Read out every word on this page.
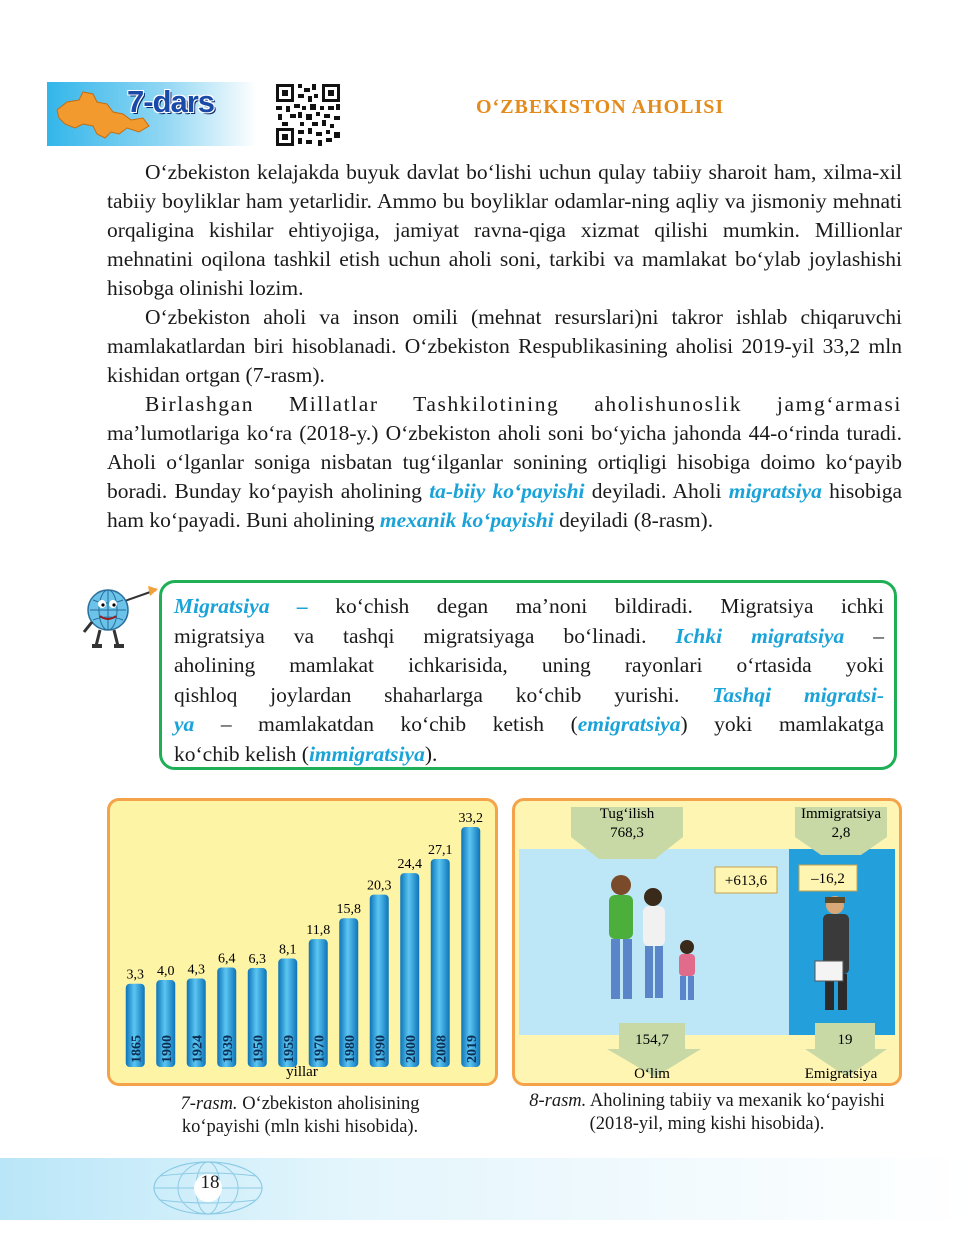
7-dars	O‘ZBEKISTON AHOLISI

O‘zbekiston kelajakda buyuk davlat bo‘lishi uchun qulay tabiiy sharoit ham, xilma-xil tabiiy boyliklar ham yetarlidir. Ammo bu boyliklar odamlar-ning aqliy va jismoniy mehnati orqaligina kishilar ehtiyojiga, jamiyat ravna-qiga xizmat qilishi mumkin. Millionlar mehnatini oqilona tashkil etish uchun aholi soni, tarkibi va mamlakat bo‘ylab joylashishi hisobga olinishi lozim.

O‘zbekiston aholi va inson omili (mehnat resurslari)ni takror ishlab chiqaruvchi mamlakatlardan biri hisoblanadi. O‘zbekiston Respublikasining aholisi 2019-yil 33,2 mln kishidan ortgan (7-rasm).

Birlashgan Millatlar Tashkilotining aholishunoslik jamg‘armasi ma’lumotlariga ko‘ra (2018-y.) O‘zbekiston aholi soni bo‘yicha jahonda 44-o‘rinda turadi. Aholi o‘lganlar soniga nisbatan tug‘ilganlar sonining ortiqligi hisobiga doimo ko‘payib boradi. Bunday ko‘payish aholining ta-biiy ko‘payishi deyiladi. Aholi migratsiya hisobiga ham ko‘payadi. Buni aholining mexanik ko‘payishi deyiladi (8-rasm).
Migratsiya – ko‘chish degan ma’noni bildiradi. Migratsiya ichki
migratsiya va tashqi migratsiyaga bo‘linadi. Ichki migratsiya –
aholining mamlakat ichkarisida, uning rayonlari o‘rtasida yoki
qishloq joylardan shaharlarga ko‘chib yurishi. Tashqi migratsi-
ya – mamlakatdan ko‘chib ketish (emigratsiya) yoki mamlakatga
ko‘chib kelish (immigratsiya).
3,3
1865
4,0
1900
4,3
1924
6,4
1939
6,3
1950
8,1
1959
11,8
1970
15,8
1980
20,3
1990
24,4
2000
27,1
2008
33,2
2019
yillar
7-rasm. O‘zbekiston aholisining ko‘payishi (mln kishi hisobida).
Tug‘ilish
768,3
Immigratsiya
2,8
+613,6	–16,2
154,7
O‘lim
19
Emigratsiya
8-rasm. Aholining tabiiy va mexanik ko‘payishi (2018-yil, ming kishi hisobida).
18
